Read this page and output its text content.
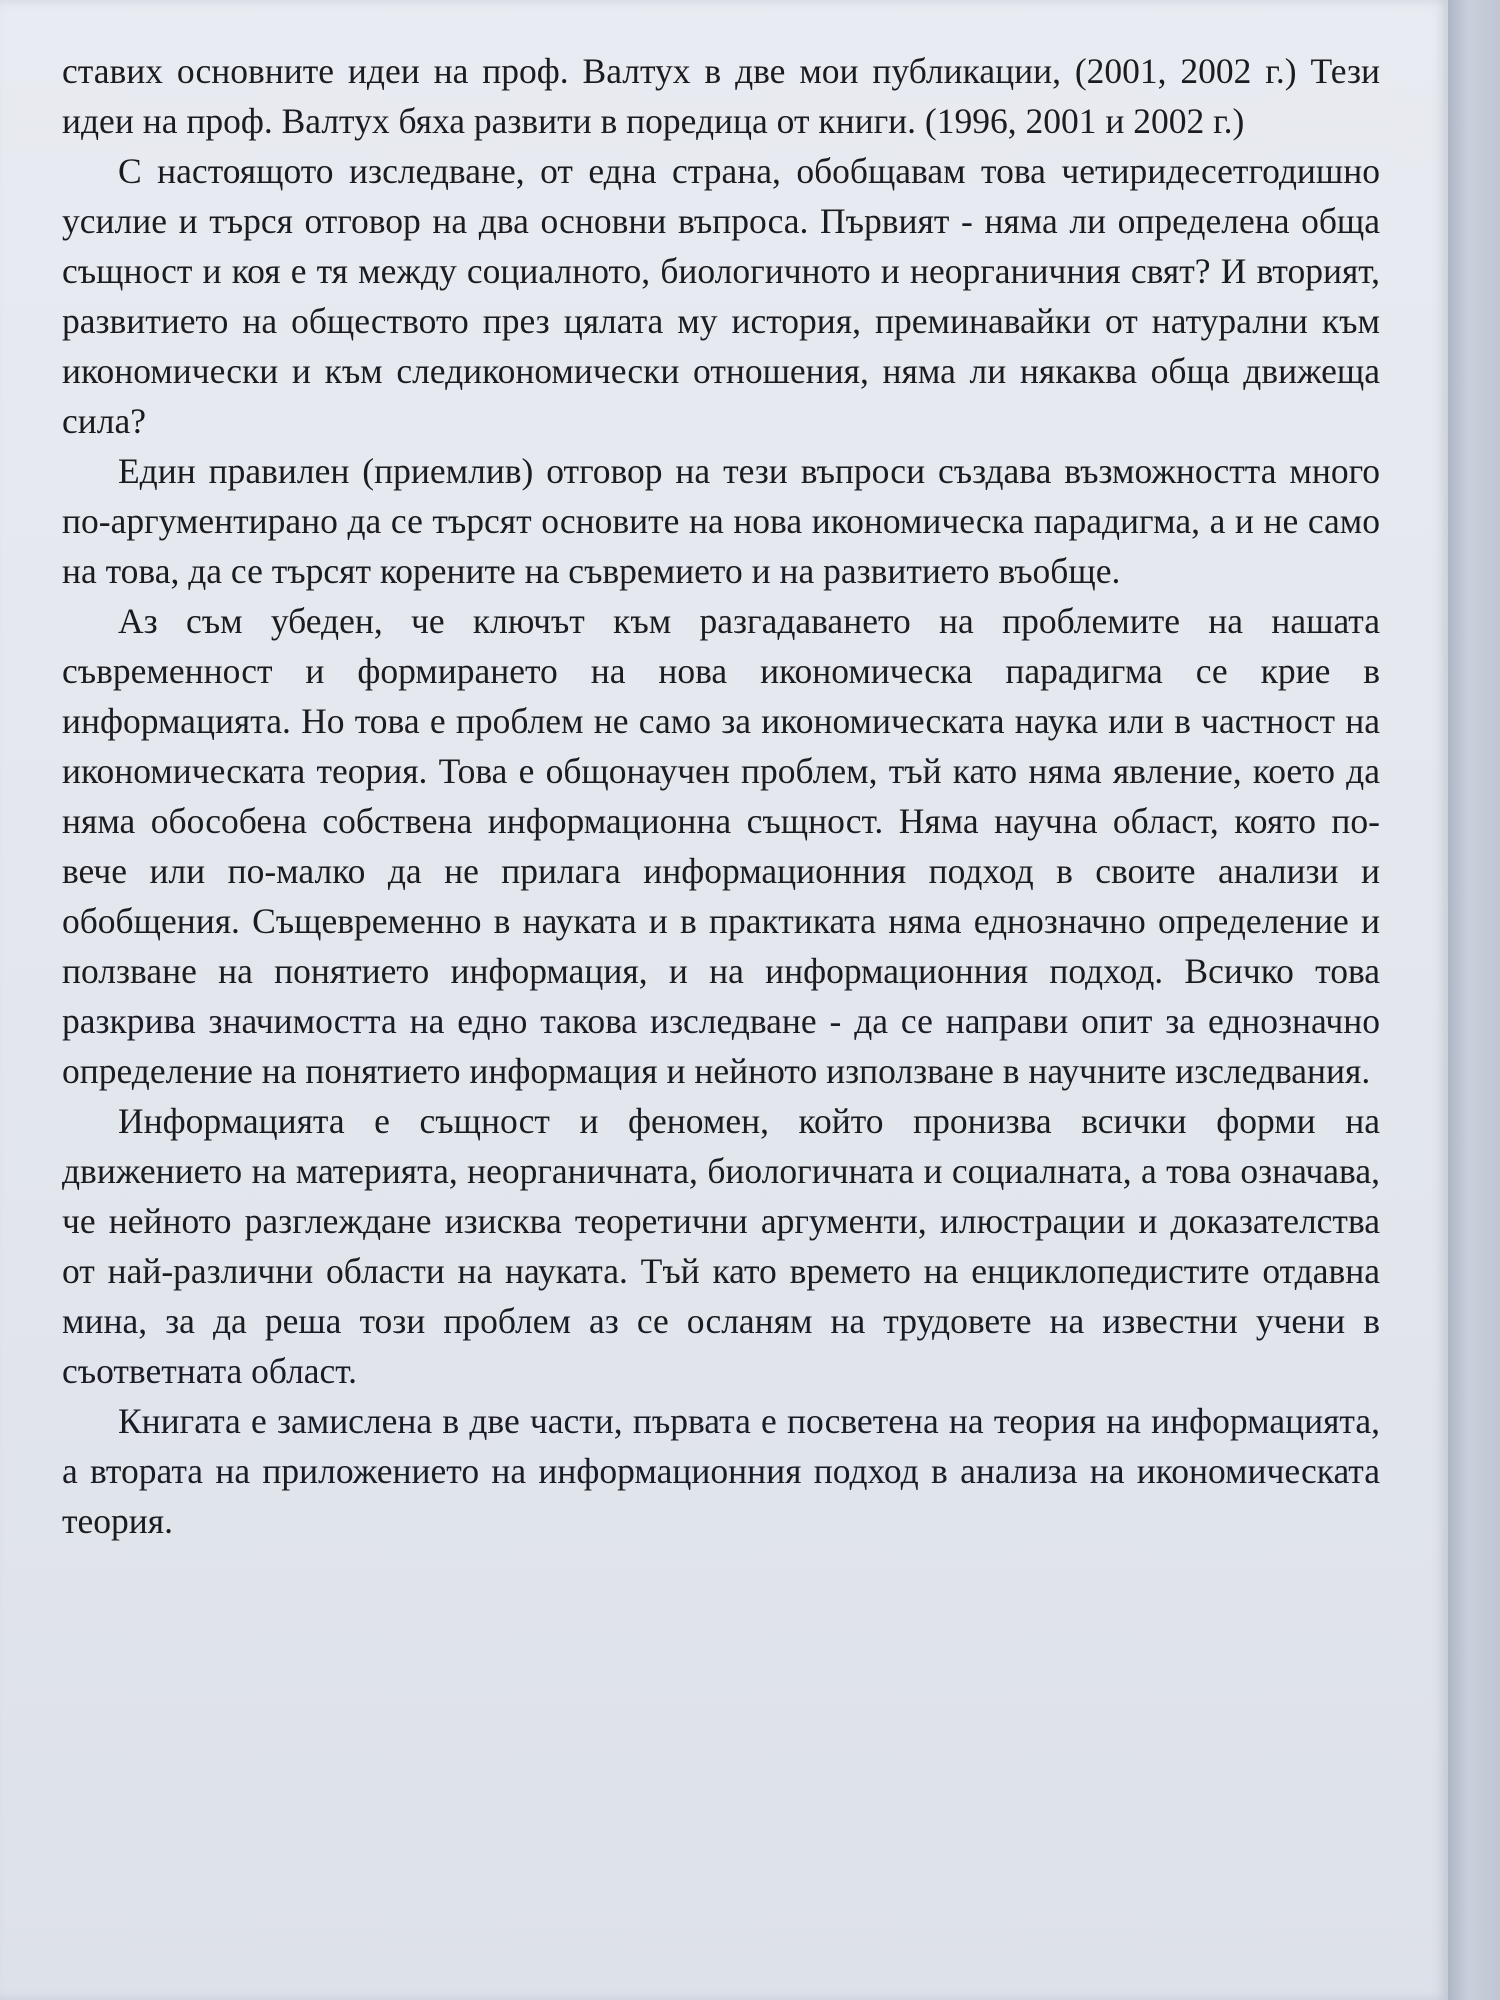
ставих основните идеи на проф. Валтух в две мои публикации, (2001, 2002 г.) Тези идеи на проф. Валтух бяха развити в поредица от книги. (1996, 2001 и 2002 г.)

С настоящото изследване, от една страна, обобщавам това четиридесетгодишно усилие и търся отговор на два основни въпроса. Първият - няма ли определена обща същност и коя е тя между социалното, биологичното и неорганичния свят? И вторият, развитието на обществото през цялата му история, преминавайки от натурални към икономически и към следикономически отношения, няма ли някаква обща движеща сила?

Един правилен (приемлив) отговор на тези въпроси създава възможността много по-аргументирано да се търсят основите на нова икономическа парадигма, а и не само на това, да се търсят корените на съвремието и на развитието въобще.

Аз съм убеден, че ключът към разгадаването на проблемите на нашата съвременност и формирането на нова икономическа парадигма се крие в информацията. Но това е проблем не само за икономическата наука или в частност на икономическата теория. Това е общонаучен проблем, тъй като няма явление, което да няма обособена собствена информационна същност. Няма научна област, която по-вече или по-малко да не прилага информационния подход в своите анализи и обобщения. Същевременно в науката и в практиката няма еднозначно определение и ползване на понятието информация, и на информационния подход. Всичко това разкрива значимостта на едно такова изследване - да се направи опит за еднозначно определение на понятието информация и нейното използване в научните изследвания.

Информацията е същност и феномен, който пронизва всички форми на движението на материята, неорганичната, биологичната и социалната, а това означава, че нейното разглеждане изисква теоретични аргументи, илюстрации и доказателства от най-различни области на науката. Тъй като времето на енциклопедистите отдавна мина, за да реша този проблем аз се осланям на трудовете на известни учени в съответната област.

Книгата е замислена в две части, първата е посветена на теория на информацията, а втората на приложението на информационния подход в анализа на икономическата теория.
